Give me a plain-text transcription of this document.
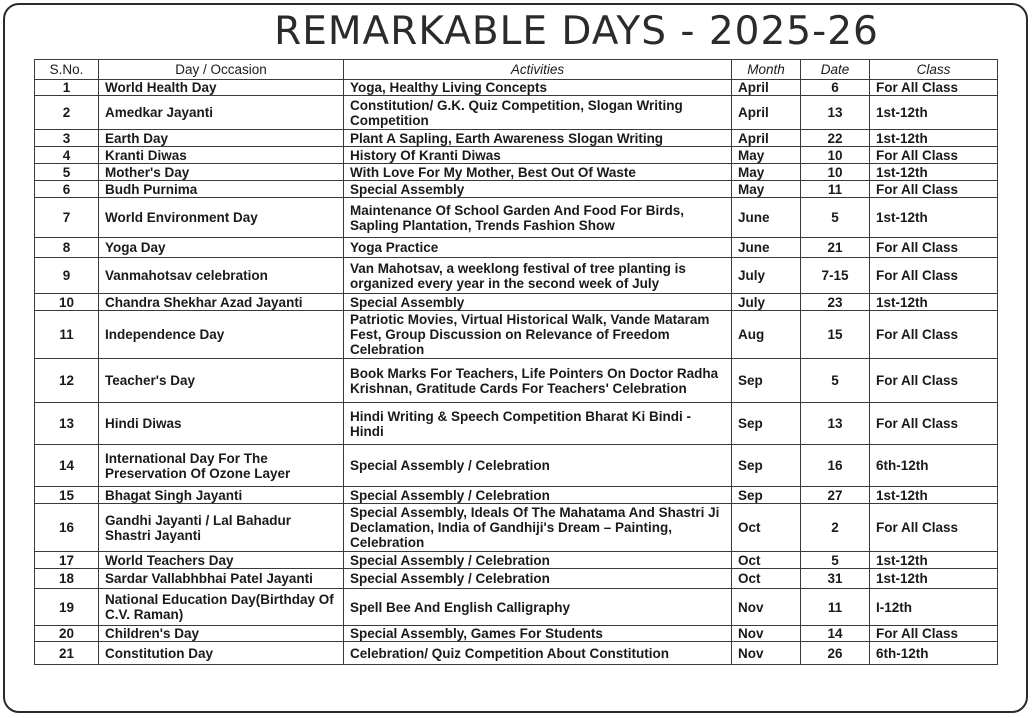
REMARKABLE DAYS - 2025-26
S.No.	Day / Occasion	Activities	Month	Date	Class
1	World Health Day	Yoga, Healthy Living Concepts	April	6	For All Class
2	Amedkar Jayanti	Constitution/ G.K. Quiz Competition, Slogan Writing Competition	April	13	1st-12th
3	Earth Day	Plant A Sapling, Earth Awareness Slogan Writing	April	22	1st-12th
4	Kranti Diwas	History Of Kranti Diwas	May	10	For All Class
5	Mother's Day	With Love For My Mother, Best Out Of Waste	May	10	1st-12th
6	Budh Purnima	Special Assembly	May	11	For All Class
7	World Environment Day	Maintenance Of School Garden And Food For Birds, Sapling Plantation, Trends Fashion Show	June	5	1st-12th
8	Yoga Day	Yoga Practice	June	21	For All Class
9	Vanmahotsav celebration	Van Mahotsav, a weeklong festival of tree planting is organized every year in the second week of July	July	7-15	For All Class
10	Chandra Shekhar Azad Jayanti	Special Assembly	July	23	1st-12th
11	Independence Day	Patriotic Movies, Virtual Historical Walk, Vande Mataram Fest, Group Discussion on Relevance of Freedom Celebration	Aug	15	For All Class
12	Teacher's Day	Book Marks For Teachers, Life Pointers On Doctor Radha Krishnan, Gratitude Cards For Teachers' Celebration	Sep	5	For All Class
13	Hindi Diwas	Hindi Writing & Speech Competition Bharat Ki Bindi - Hindi	Sep	13	For All Class
14	International Day For The Preservation Of Ozone Layer	Special Assembly / Celebration	Sep	16	6th-12th
15	Bhagat Singh Jayanti	Special Assembly / Celebration	Sep	27	1st-12th
16	Gandhi Jayanti / Lal Bahadur Shastri Jayanti	Special Assembly, Ideals Of The Mahatama And Shastri Ji Declamation, India of Gandhiji's Dream – Painting, Celebration	Oct	2	For All Class
17	World Teachers Day	Special Assembly / Celebration	Oct	5	1st-12th
18	Sardar Vallabhbhai Patel Jayanti	Special Assembly / Celebration	Oct	31	1st-12th
19	National Education Day(Birthday Of C.V. Raman)	Spell Bee And English Calligraphy	Nov	11	I-12th
20	Children's Day	Special Assembly, Games For Students	Nov	14	For All Class
21	Constitution Day	Celebration/ Quiz Competition About Constitution	Nov	26	6th-12th
